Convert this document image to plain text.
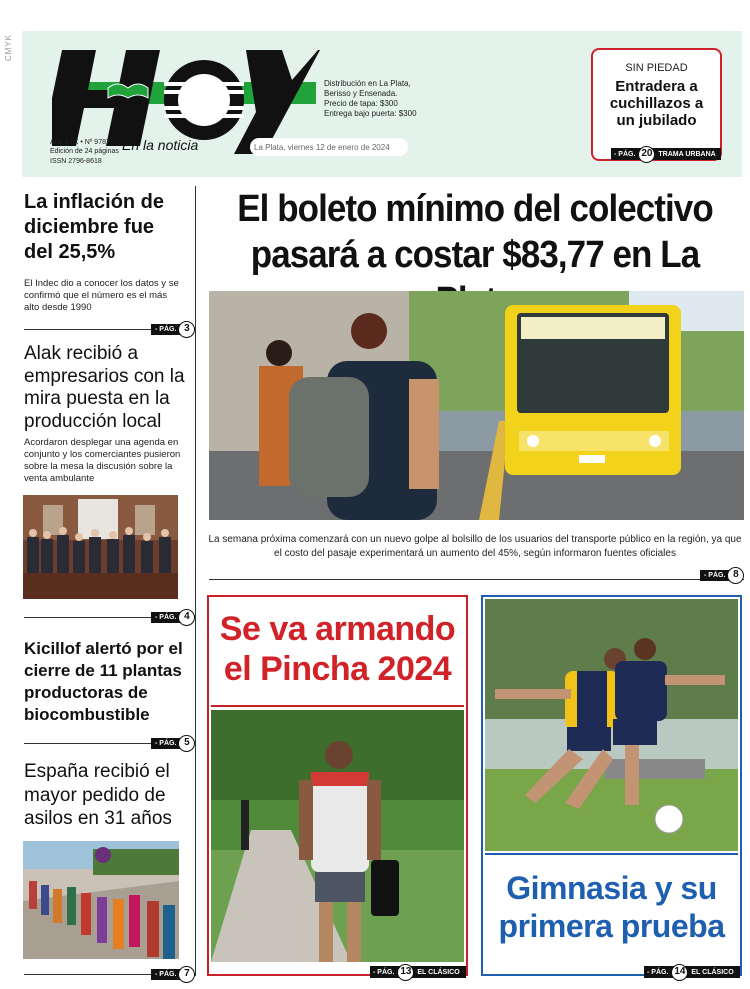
CMYK
En la noticia
Distribución en La Plata,
Berisso y Ensenada.
Precio de tapa: $300
Entrega bajo puerta: $300
Año XXX • Nº 9787
Edición de 24 páginas
ISSN 2796-8618
La Plata, viernes 12 de enero de 2024
SIN PIEDAD
Entradera a cuchillazos a un jubilado
- PÁG. 20 TRAMA URBANA
La inflación de diciembre fue del 25,5%
El Indec dio a conocer los datos y se confirmó que el número es el más alto desde 1990
- PÁG. 3
Alak recibió a empresarios con la mira puesta en la producción local
Acordaron desplegar una agenda en conjunto y los comerciantes pusieron sobre la mesa la discusión sobre la venta ambulante
- PÁG. 4
Kicillof alertó por el cierre de 11 plantas productoras de biocombustible
- PÁG. 5
España recibió el mayor pedido de asilos en 31 años
- PÁG. 7
El boleto mínimo del colectivo pasará a costar $83,77 en La
La semana próxima comenzará con un nuevo golpe al bolsillo de los usuarios del transporte público en la región, ya que el costo del pasaje experimentará un aumento del 45%, según informaron fuentes oficiales
- PÁG. 8
Se va armando el Pincha 2024
- PÁG. 13 EL CLÁSICO
Gimnasia y su primera prueba
- PÁG. 14 EL CLÁSICO
